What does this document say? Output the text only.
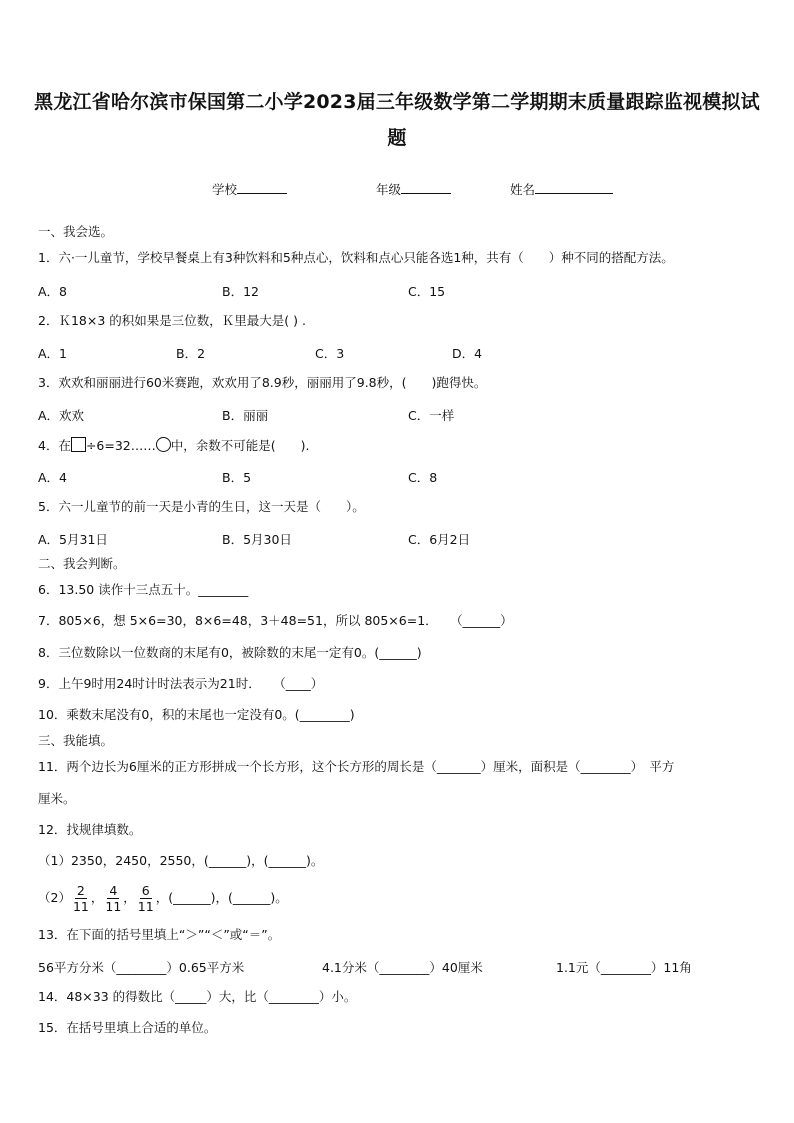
黑龙江省哈尔滨市保国第二小学2023届三年级数学第二学期期末质量跟踪监视模拟试题
学校	年级	姓名
一、我会选。
1．六·一儿童节，学校早餐桌上有3种饮料和5种点心，饮料和点心只能各选1种，共有（　　）种不同的搭配方法。
A．8	B．12	C．15
2．Ｋ18×3 的积如果是三位数，Ｋ里最大是( ) .
A．1	B．2	C．3	D．4
3．欢欢和丽丽进行60米赛跑，欢欢用了8.9秒，丽丽用了9.8秒，(　　)跑得快。
A．欢欢	B．丽丽	C．一样
4．在 ÷6=32…… 中，余数不可能是(　　).
A．4	B．5	C．8
5．六一儿童节的前一天是小青的生日，这一天是（　　）。
A．5月31日	B．5月30日	C．6月2日
二、我会判断。
6．13.50 读作十三点五十。________
7．805×6，想 5×6=30，8×6=48，3＋48=51，所以 805×6=1．　　（______）
8．三位数除以一位数商的末尾有0，被除数的末尾一定有0。(______)
9．上午9时用24时计时法表示为21时．　　（____）
10．乘数末尾没有0，积的末尾也一定没有0。(________)
三、我能填。
11．两个边长为6厘米的正方形拼成一个长方形，这个长方形的周长是（_______）厘米，面积是（________）　平方
厘米。
12．找规律填数。
（1）2350，2450，2550，(______)，(______)。
$(2) \frac{2}{11}$ ， $\frac{4}{11}$ ， $\frac{6}{11}$ ，(______)，(______)。
13．在下面的括号里填上“＞”“＜”或“＝”。
56平方分米（________）0.65平方米	4.1分米（________）40厘米	1.1元（________）11角
14．48×33 的得数比（_____）大，比（________）小。
15．在括号里填上合适的单位。
